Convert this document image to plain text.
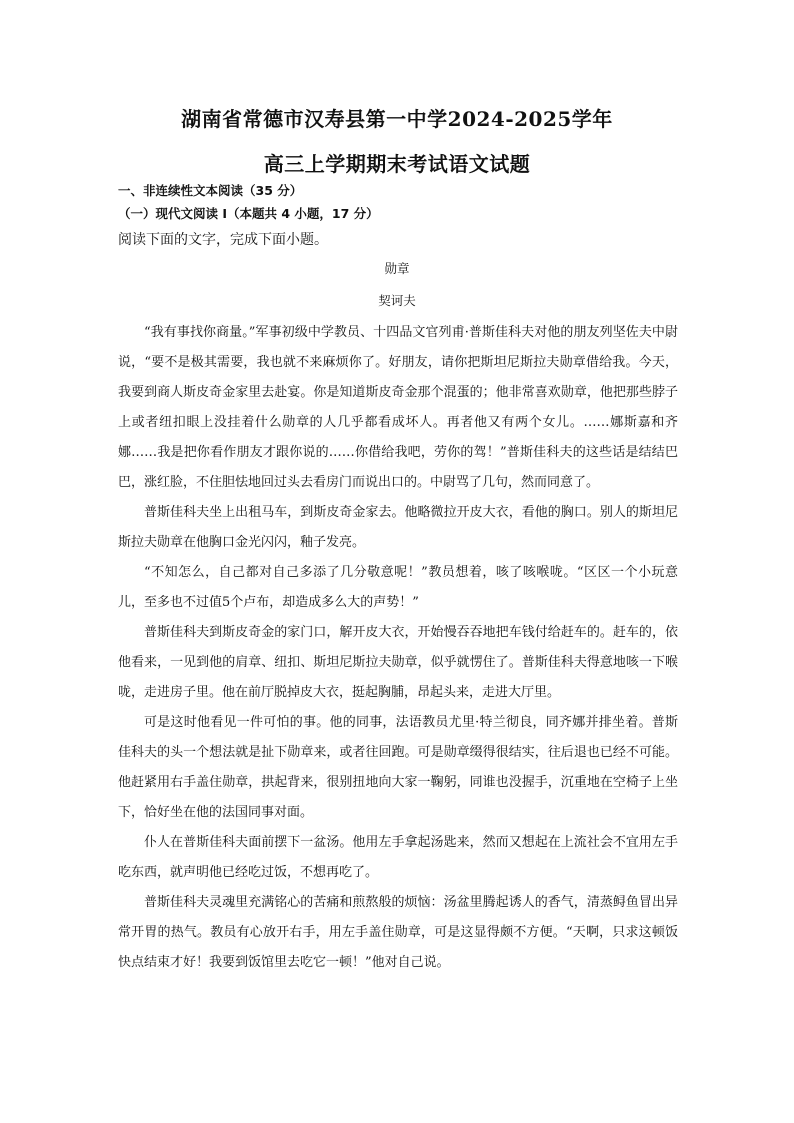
湖南省常德市汉寿县第一中学2024-2025学年
高三上学期期末考试语文试题
一、非连续性文本阅读（35 分）
（一）现代文阅读 I（本题共 4 小题，17 分）
阅读下面的文字，完成下面小题。
勋章
契诃夫

“我有事找你商量。”军事初级中学教员、十四品文官列甫·普斯佳科夫对他的朋友列坚佐夫中尉说，“要不是极其需要，我也就不来麻烦你了。好朋友，请你把斯坦尼斯拉夫勋章借给我。今天，我要到商人斯皮奇金家里去赴宴。你是知道斯皮奇金那个混蛋的；他非常喜欢勋章，他把那些脖子上或者纽扣眼上没挂着什么勋章的人几乎都看成坏人。再者他又有两个女儿。……娜斯嘉和齐娜……我是把你看作朋友才跟你说的……你借给我吧，劳你的驾！”普斯佳科夫的这些话是结结巴巴，涨红脸，不住胆怯地回过头去看房门而说出口的。中尉骂了几句，然而同意了。

普斯佳科夫坐上出租马车，到斯皮奇金家去。他略微拉开皮大衣，看他的胸口。别人的斯坦尼斯拉夫勋章在他胸口金光闪闪，釉子发亮。

“不知怎么，自己都对自己多添了几分敬意呢！”教员想着，咳了咳喉咙。“区区一个小玩意儿，至多也不过值5个卢布，却造成多么大的声势！”

普斯佳科夫到斯皮奇金的家门口，解开皮大衣，开始慢吞吞地把车钱付给赶车的。赶车的，依他看来，一见到他的肩章、纽扣、斯坦尼斯拉夫勋章，似乎就愣住了。普斯佳科夫得意地咳一下喉咙，走进房子里。他在前厅脱掉皮大衣，挺起胸脯，昂起头来，走进大厅里。

可是这时他看见一件可怕的事。他的同事，法语教员尤里·特兰彻良，同齐娜并排坐着。普斯佳科夫的头一个想法就是扯下勋章来，或者往回跑。可是勋章缀得很结实，往后退也已经不可能。他赶紧用右手盖住勋章，拱起背来，很别扭地向大家一鞠躬，同谁也没握手，沉重地在空椅子上坐下，恰好坐在他的法国同事对面。

仆人在普斯佳科夫面前摆下一盆汤。他用左手拿起汤匙来，然而又想起在上流社会不宜用左手吃东西，就声明他已经吃过饭，不想再吃了。

普斯佳科夫灵魂里充满铭心的苦痛和煎熬般的烦恼：汤盆里腾起诱人的香气，清蒸鲟鱼冒出异常开胃的热气。教员有心放开右手，用左手盖住勋章，可是这显得颇不方便。“天啊，只求这顿饭快点结束才好！我要到饭馆里去吃它一顿！”他对自己说。
